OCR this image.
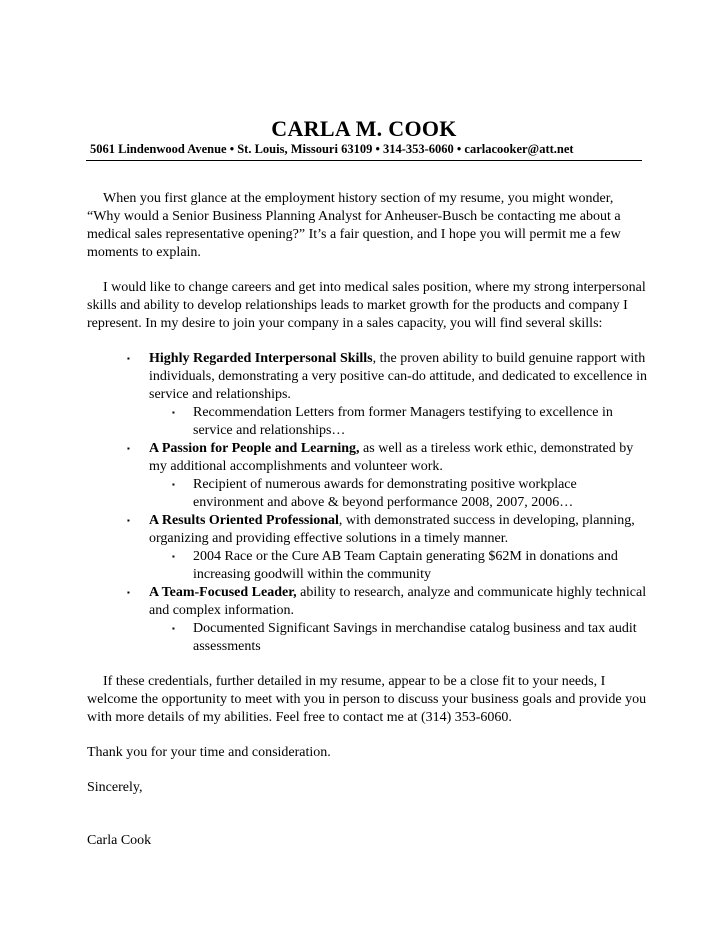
CARLA M. COOK
5061 Lindenwood Avenue • St. Louis, Missouri 63109 • 314-353-6060 • carlacooker@att.net

When you first glance at the employment history section of my resume, you might wonder, “Why would a Senior Business Planning Analyst for Anheuser-Busch be contacting me about a medical sales representative opening?” It’s a fair question, and I hope you will permit me a few moments to explain.

I would like to change careers and get into medical sales position, where my strong interpersonal skills and ability to develop relationships leads to market growth for the products and company I represent. In my desire to join your company in a sales capacity, you will find several skills:

▪ Highly Regarded Interpersonal Skills, the proven ability to build genuine rapport with individuals, demonstrating a very positive can-do attitude, and dedicated to excellence in service and relationships.
▪ Recommendation Letters from former Managers testifying to excellence in service and relationships…
▪ A Passion for People and Learning, as well as a tireless work ethic, demonstrated by my additional accomplishments and volunteer work.
▪ Recipient of numerous awards for demonstrating positive workplace environment and above & beyond performance 2008, 2007, 2006…
▪ A Results Oriented Professional, with demonstrated success in developing, planning, organizing and providing effective solutions in a timely manner.
▪ 2004 Race or the Cure AB Team Captain generating $62M in donations and increasing goodwill within the community
▪ A Team-Focused Leader, ability to research, analyze and communicate highly technical and complex information.
▪ Documented Significant Savings in merchandise catalog business and tax audit assessments

If these credentials, further detailed in my resume, appear to be a close fit to your needs, I welcome the opportunity to meet with you in person to discuss your business goals and provide you with more details of my abilities. Feel free to contact me at (314) 353-6060.

Thank you for your time and consideration.

Sincerely,

Carla Cook
